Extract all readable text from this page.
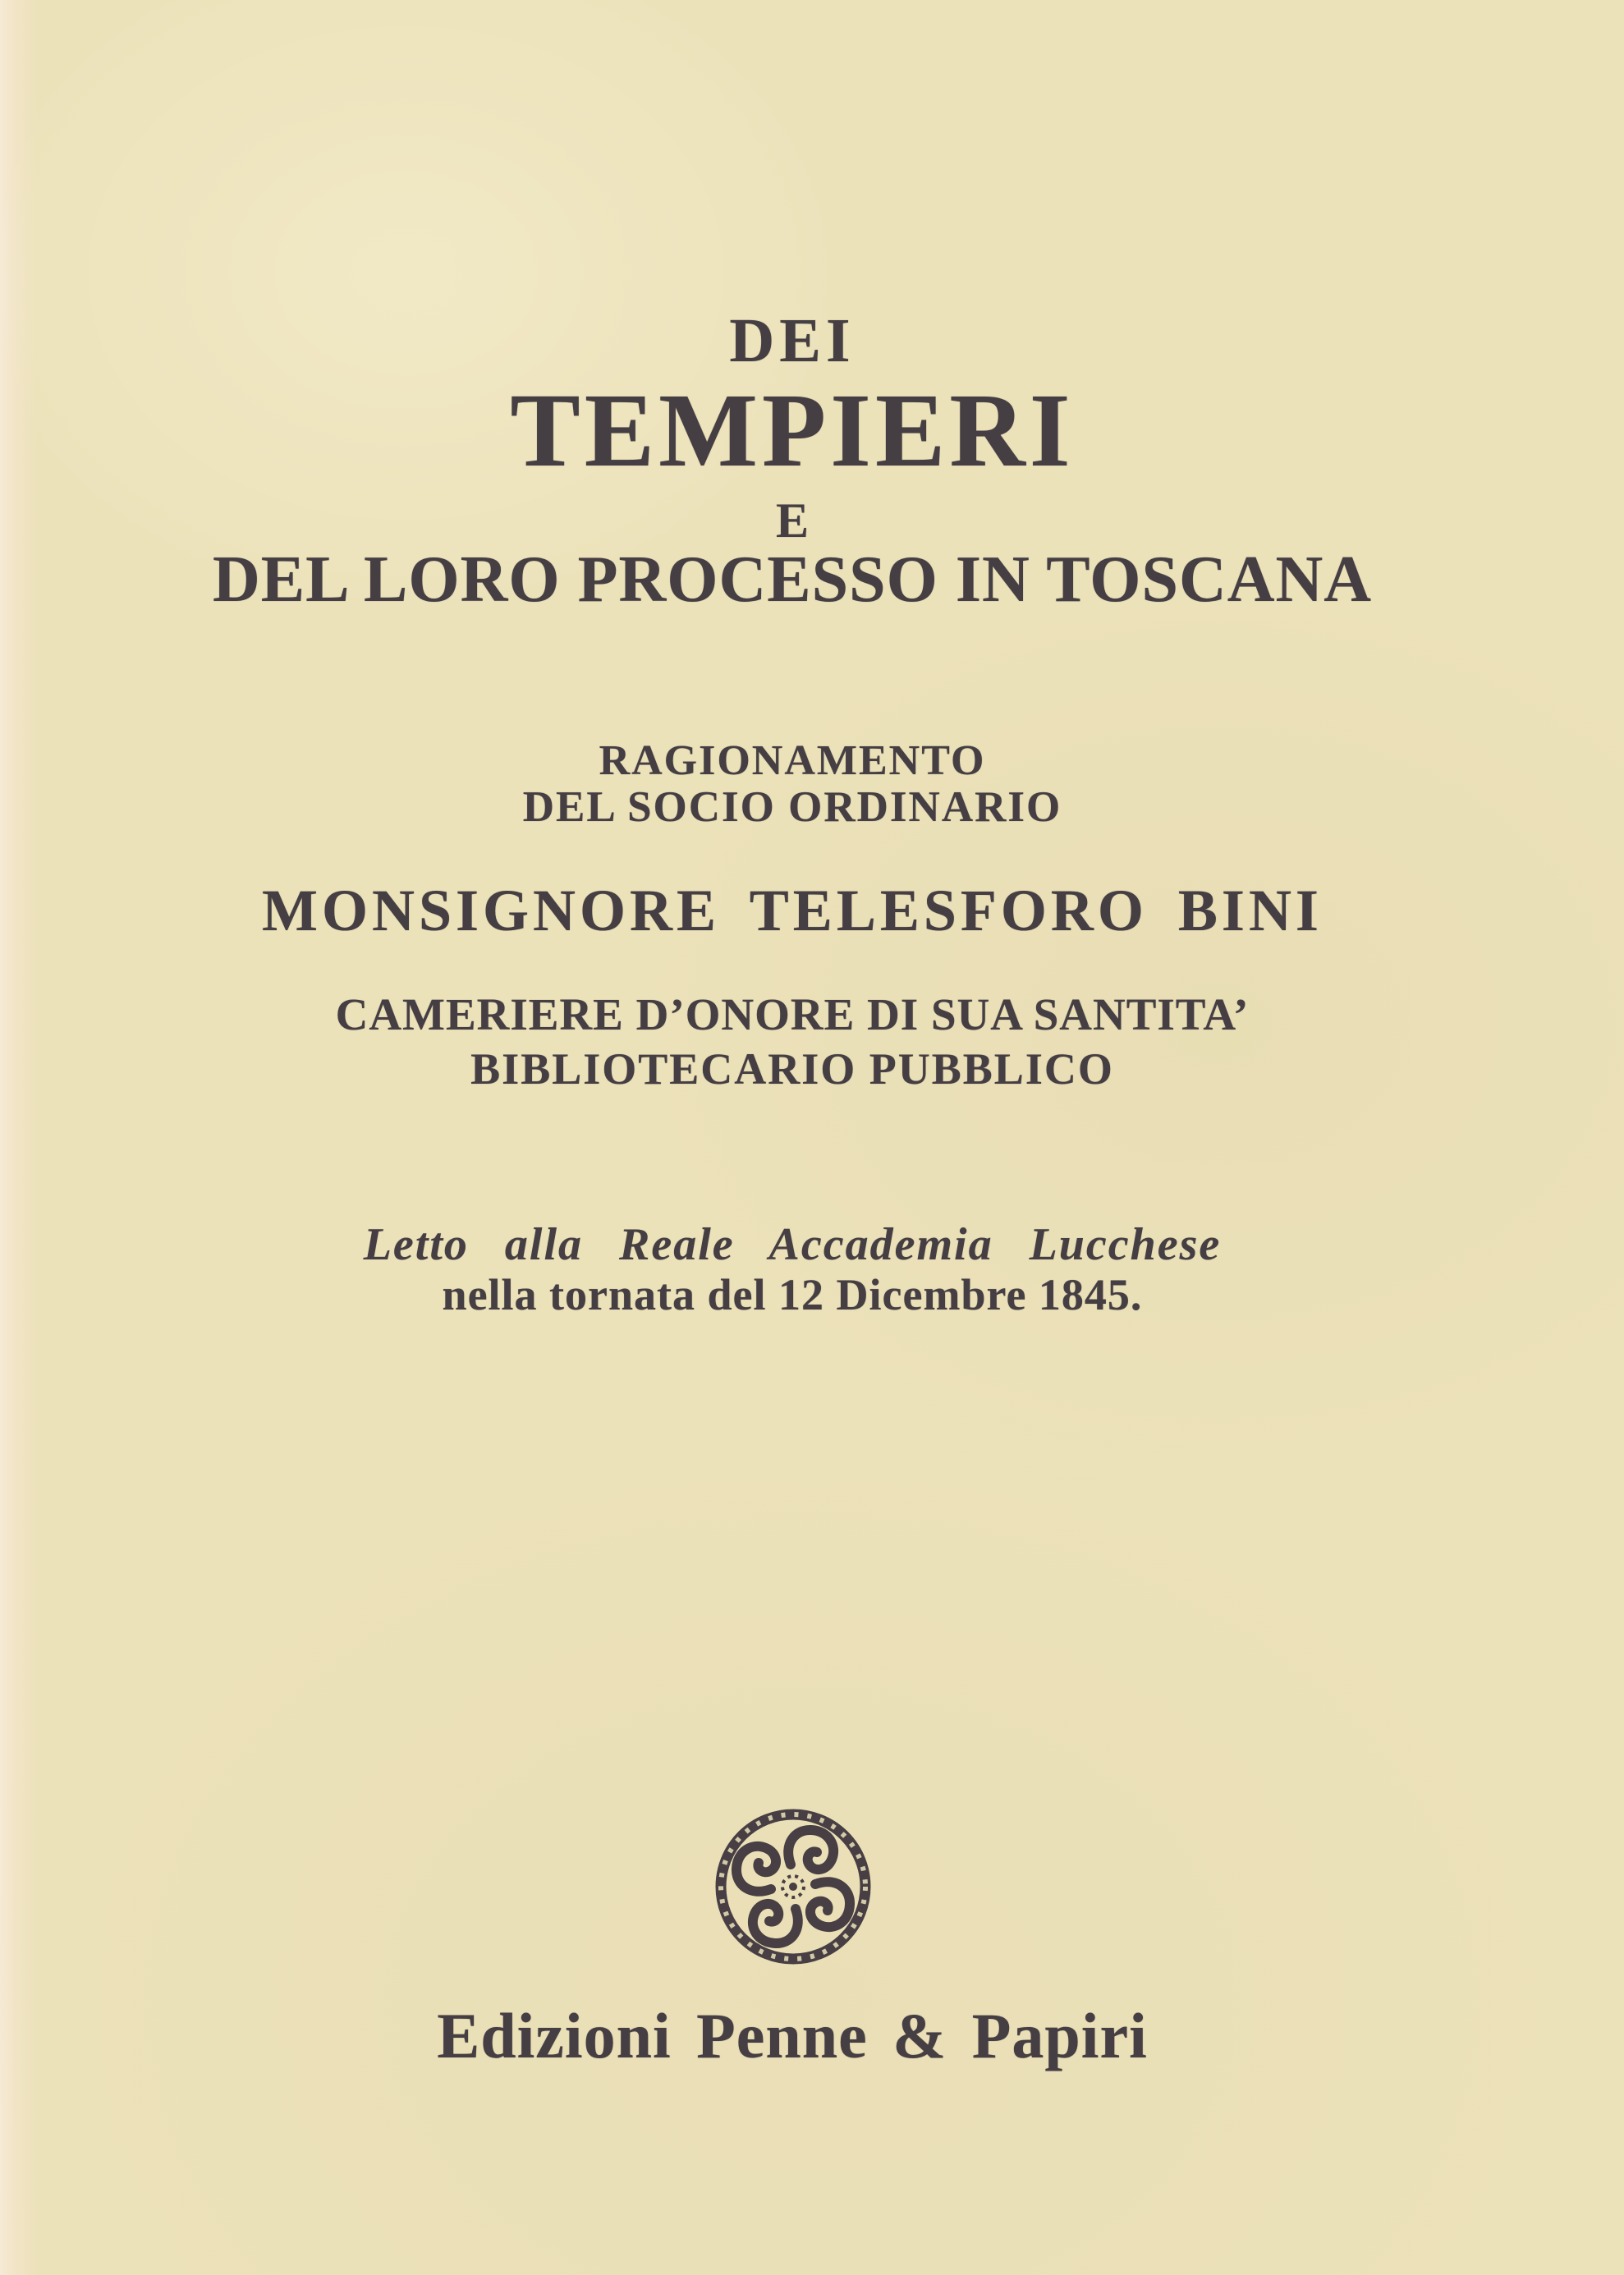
DEI
TEMPIERI
E
DEL LORO PROCESSO IN TOSCANA
RAGIONAMENTO
DEL SOCIO ORDINARIO
MONSIGNORE TELESFORO BINI
CAMERIERE D’ONORE DI SUA SANTITA’
BIBLIOTECARIO PUBBLICO
Letto alla Reale Accademia Lucchese
nella tornata del 12 Dicembre 1845.
Edizioni Penne & Papiri
